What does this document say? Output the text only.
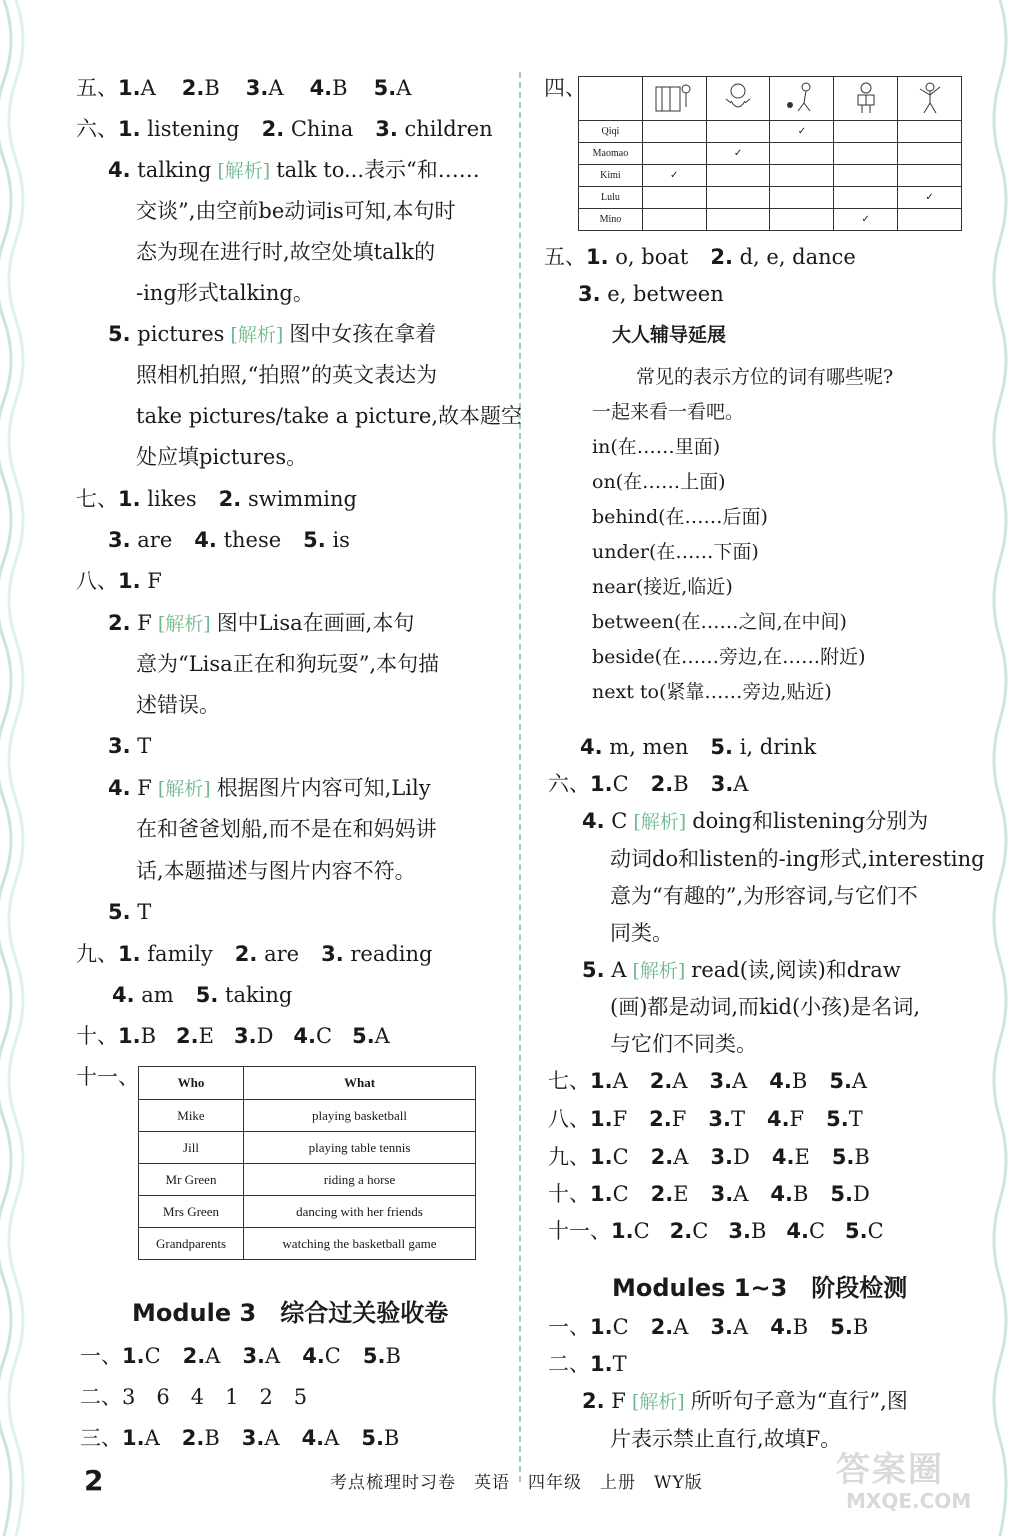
五、1.A 2.B 3.A 4.B 5.A
六、1. listening 2. China 3. children
4. talking [解析] talk to...表示“和……
交谈”,由空前be动词is可知,本句时
态为现在进行时,故空处填talk的
-ing形式talking。
5. pictures [解析] 图中女孩在拿着
照相机拍照,“拍照”的英文表达为
take pictures/take a picture,故本题空
处应填pictures。
七、1. likes 2. swimming
3. are 4. these 5. is
八、1. F
2. F [解析] 图中Lisa在画画,本句
意为“Lisa正在和狗玩耍”,本句描
述错误。
3. T
4. F [解析] 根据图片内容可知,Lily
在和爸爸划船,而不是在和妈妈讲
话,本题描述与图片内容不符。
5. T
九、1. family 2. are 3. reading
4. am 5. taking
十、1.B 2.E 3.D 4.C 5.A
十一、	Who	What
Mike	playing basketball
Jill	playing table tennis
Mr Green	riding a horse
Mrs Green	dancing with her friends
Grandparents	watching the basketball game
Module 3　综合过关验收卷
一、1.C 2.A 3.A 4.C 5.B
二、3　6　4　1　2　5
三、1.A 2.B 3.A 4.A 5.B
四、

Qiqi			✓		
Maomao		✓			
Kimi	✓				
Lulu					✓
Mino				✓	
五、1. o, boat 2. d, e, dance
3. e, between
大人辅导延展
常见的表示方位的词有哪些呢?
一起来看一看吧。
in(在……里面)
on(在……上面)
behind(在……后面)
under(在……下面)
near(接近,临近)
between(在……之间,在中间)
beside(在……旁边,在……附近)
next to(紧靠……旁边,贴近)
4. m, men 5. i, drink
六、1.C 2.B 3.A
4. C [解析] doing和listening分别为
动词do和listen的-ing形式,interesting
意为“有趣的”,为形容词,与它们不
同类。
5. A [解析] read(读,阅读)和draw
(画)都是动词,而kid(小孩)是名词,
与它们不同类。
七、1.A 2.A 3.A 4.B 5.A
八、1.F 2.F 3.T 4.F 5.T
九、1.C 2.A 3.D 4.E 5.B
十、1.C 2.E 3.A 4.B 5.D
十一、1.C 2.C 3.B 4.C 5.C
Modules 1~3　阶段检测
一、1.C 2.A 3.A 4.B 5.B
二、1.T
2. F [解析] 所听句子意为“直行”,图
片表示禁止直行,故填F。
2	考点梳理时习卷　英语　四年级　上册　WY版	答案圈
MXQE.COM
